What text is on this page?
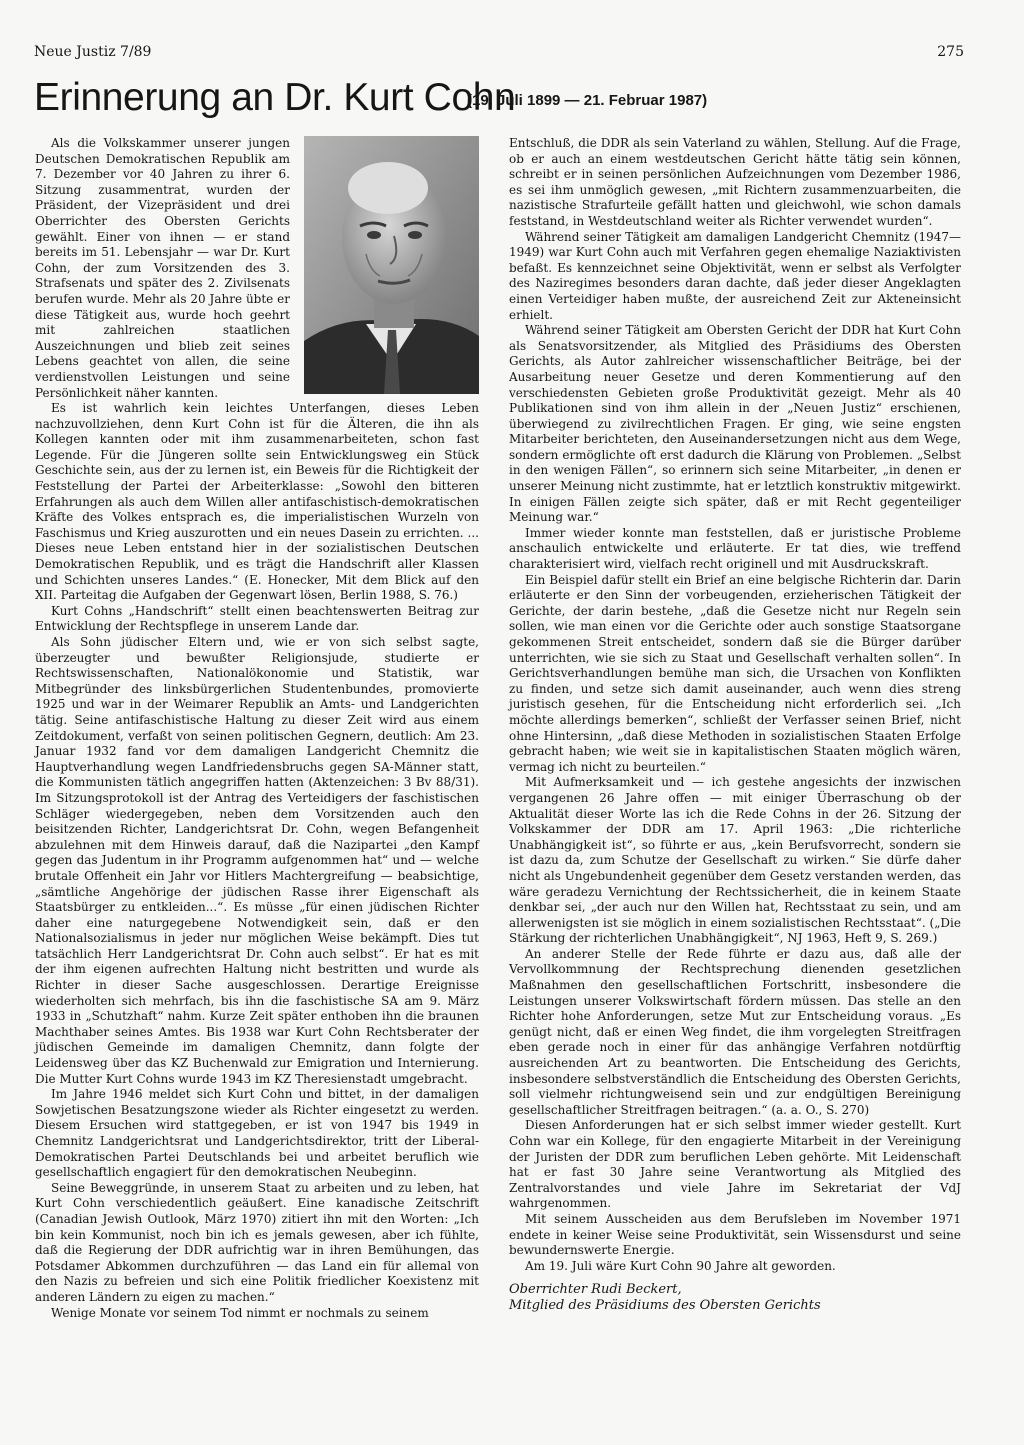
Neue Justiz 7/89	275
Erinnerung an Dr. Kurt Cohn
(19. Juli 1899 — 21. Februar 1987)

Als die Volkskammer unserer jungen Deutschen Demokratischen Republik am 7. Dezember vor 40 Jahren zu ihrer 6. Sitzung zusammentrat, wurden der Präsident, der Vizepräsident und drei Oberrichter des Obersten Gerichts gewählt. Einer von ihnen — er stand bereits im 51. Lebensjahr — war Dr. Kurt Cohn, der zum Vorsitzenden des 3. Strafsenats und später des 2. Zivilsenats berufen wurde. Mehr als 20 Jahre übte er diese Tätigkeit aus, wurde hoch geehrt mit zahlreichen staatlichen Auszeichnungen und blieb zeit seines Lebens geachtet von allen, die seine verdienstvollen Leistungen und seine Persönlichkeit näher kannten.

Es ist wahrlich kein leichtes Unterfangen, dieses Leben nachzuvollziehen, denn Kurt Cohn ist für die Älteren, die ihn als Kollegen kannten oder mit ihm zusammenarbeiteten, schon fast Legende. Für die Jüngeren sollte sein Entwicklungsweg ein Stück Geschichte sein, aus der zu lernen ist, ein Beweis für die Richtigkeit der Feststellung der Partei der Arbeiterklasse: „Sowohl den bitteren Erfahrungen als auch dem Willen aller antifaschistisch-demokratischen Kräfte des Volkes entsprach es, die imperialistischen Wurzeln von Faschismus und Krieg auszurotten und ein neues Dasein zu errichten. ... Dieses neue Leben entstand hier in der sozialistischen Deutschen Demokratischen Republik, und es trägt die Handschrift aller Klassen und Schichten unseres Landes.“ (E. Honecker, Mit dem Blick auf den XII. Parteitag die Aufgaben der Gegenwart lösen, Berlin 1988, S. 76.)

Kurt Cohns „Handschrift“ stellt einen beachtenswerten Beitrag zur Entwicklung der Rechtspflege in unserem Lande dar.

Als Sohn jüdischer Eltern und, wie er von sich selbst sagte, überzeugter und bewußter Religionsjude, studierte er Rechtswissenschaften, Nationalökonomie und Statistik, war Mitbegründer des linksbürgerlichen Studentenbundes, promovierte 1925 und war in der Weimarer Republik an Amts- und Landgerichten tätig. Seine antifaschistische Haltung zu dieser Zeit wird aus einem Zeitdokument, verfaßt von seinen politischen Gegnern, deutlich: Am 23. Januar 1932 fand vor dem damaligen Landgericht Chemnitz die Hauptverhandlung wegen Landfriedensbruchs gegen SA-Männer statt, die Kommunisten tätlich angegriffen hatten (Aktenzeichen: 3 Bv 88/31). Im Sitzungsprotokoll ist der Antrag des Verteidigers der faschistischen Schläger wiedergegeben, neben dem Vorsitzenden auch den beisitzenden Richter, Landgerichtsrat Dr. Cohn, wegen Befangenheit abzulehnen mit dem Hinweis darauf, daß die Nazipartei „den Kampf gegen das Judentum in ihr Programm aufgenommen hat“ und — welche brutale Offenheit ein Jahr vor Hitlers Machtergreifung — beabsichtige, „sämtliche Angehörige der jüdischen Rasse ihrer Eigenschaft als Staatsbürger zu entkleiden...“. Es müsse „für einen jüdischen Richter daher eine naturgegebene Notwendigkeit sein, daß er den Nationalsozialismus in jeder nur möglichen Weise bekämpft. Dies tut tatsächlich Herr Landgerichtsrat Dr. Cohn auch selbst“. Er hat es mit der ihm eigenen aufrechten Haltung nicht bestritten und wurde als Richter in dieser Sache ausgeschlossen. Derartige Ereignisse wiederholten sich mehrfach, bis ihn die faschistische SA am 9. März 1933 in „Schutzhaft“ nahm. Kurze Zeit später enthoben ihn die braunen Machthaber seines Amtes. Bis 1938 war Kurt Cohn Rechtsberater der jüdischen Gemeinde im damaligen Chemnitz, dann folgte der Leidensweg über das KZ Buchenwald zur Emigration und Internierung. Die Mutter Kurt Cohns wurde 1943 im KZ Theresienstadt umgebracht.

Im Jahre 1946 meldet sich Kurt Cohn und bittet, in der damaligen Sowjetischen Besatzungszone wieder als Richter eingesetzt zu werden. Diesem Ersuchen wird stattgegeben, er ist von 1947 bis 1949 in Chemnitz Landgerichtsrat und Landgerichtsdirektor, tritt der Liberal-Demokratischen Partei Deutschlands bei und arbeitet beruflich wie gesellschaftlich engagiert für den demokratischen Neubeginn.

Seine Beweggründe, in unserem Staat zu arbeiten und zu leben, hat Kurt Cohn verschiedentlich geäußert. Eine kanadische Zeitschrift (Canadian Jewish Outlook, März 1970) zitiert ihn mit den Worten: „Ich bin kein Kommunist, noch bin ich es jemals gewesen, aber ich fühlte, daß die Regierung der DDR aufrichtig war in ihren Bemühungen, das Potsdamer Abkommen durchzuführen — das Land ein für allemal von den Nazis zu befreien und sich eine Politik friedlicher Koexistenz mit anderen Ländern zu eigen zu machen.“

Wenige Monate vor seinem Tod nimmt er nochmals zu seinem

Entschluß, die DDR als sein Vaterland zu wählen, Stellung. Auf die Frage, ob er auch an einem westdeutschen Gericht hätte tätig sein können, schreibt er in seinen persönlichen Aufzeichnungen vom Dezember 1986, es sei ihm unmöglich gewesen, „mit Richtern zusammenzuarbeiten, die nazistische Strafurteile gefällt hatten und gleichwohl, wie schon damals feststand, in Westdeutschland weiter als Richter verwendet wurden“.

Während seiner Tätigkeit am damaligen Landgericht Chemnitz (1947—1949) war Kurt Cohn auch mit Verfahren gegen ehemalige Naziaktivisten befaßt. Es kennzeichnet seine Objektivität, wenn er selbst als Verfolgter des Naziregimes besonders daran dachte, daß jeder dieser Angeklagten einen Verteidiger haben mußte, der ausreichend Zeit zur Akteneinsicht erhielt.

Während seiner Tätigkeit am Obersten Gericht der DDR hat Kurt Cohn als Senatsvorsitzender, als Mitglied des Präsidiums des Obersten Gerichts, als Autor zahlreicher wissenschaftlicher Beiträge, bei der Ausarbeitung neuer Gesetze und deren Kommentierung auf den verschiedensten Gebieten große Produktivität gezeigt. Mehr als 40 Publikationen sind von ihm allein in der „Neuen Justiz“ erschienen, überwiegend zu zivilrechtlichen Fragen. Er ging, wie seine engsten Mitarbeiter berichteten, den Auseinandersetzungen nicht aus dem Wege, sondern ermöglichte oft erst dadurch die Klärung von Problemen. „Selbst in den wenigen Fällen“, so erinnern sich seine Mitarbeiter, „in denen er unserer Meinung nicht zustimmte, hat er letztlich konstruktiv mitgewirkt. In einigen Fällen zeigte sich später, daß er mit Recht gegenteiliger Meinung war.“

Immer wieder konnte man feststellen, daß er juristische Probleme anschaulich entwickelte und erläuterte. Er tat dies, wie treffend charakterisiert wird, vielfach recht originell und mit Ausdruckskraft.

Ein Beispiel dafür stellt ein Brief an eine belgische Richterin dar. Darin erläuterte er den Sinn der vorbeugenden, erzieherischen Tätigkeit der Gerichte, der darin bestehe, „daß die Gesetze nicht nur Regeln sein sollen, wie man einen vor die Gerichte oder auch sonstige Staatsorgane gekommenen Streit entscheidet, sondern daß sie die Bürger darüber unterrichten, wie sie sich zu Staat und Gesellschaft verhalten sollen“. In Gerichtsverhandlungen bemühe man sich, die Ursachen von Konflikten zu finden, und setze sich damit auseinander, auch wenn dies streng juristisch gesehen, für die Entscheidung nicht erforderlich sei. „Ich möchte allerdings bemerken“, schließt der Verfasser seinen Brief, nicht ohne Hintersinn, „daß diese Methoden in sozialistischen Staaten Erfolge gebracht haben; wie weit sie in kapitalistischen Staaten möglich wären, vermag ich nicht zu beurteilen.“

Mit Aufmerksamkeit und — ich gestehe angesichts der inzwischen vergangenen 26 Jahre offen — mit einiger Überraschung ob der Aktualität dieser Worte las ich die Rede Cohns in der 26. Sitzung der Volkskammer der DDR am 17. April 1963: „Die richterliche Unabhängigkeit ist“, so führte er aus, „kein Berufsvorrecht, sondern sie ist dazu da, zum Schutze der Gesellschaft zu wirken.“ Sie dürfe daher nicht als Ungebundenheit gegenüber dem Gesetz verstanden werden, das wäre geradezu Vernichtung der Rechtssicherheit, die in keinem Staate denkbar sei, „der auch nur den Willen hat, Rechtsstaat zu sein, und am allerwenigsten ist sie möglich in einem sozialistischen Rechtsstaat“. („Die Stärkung der richterlichen Unabhängigkeit“, NJ 1963, Heft 9, S. 269.)

An anderer Stelle der Rede führte er dazu aus, daß alle der Vervollkommnung der Rechtsprechung dienenden gesetzlichen Maßnahmen den gesellschaftlichen Fortschritt, insbesondere die Leistungen unserer Volkswirtschaft fördern müssen. Das stelle an den Richter hohe Anforderungen, setze Mut zur Entscheidung voraus. „Es genügt nicht, daß er einen Weg findet, die ihm vorgelegten Streitfragen eben gerade noch in einer für das anhängige Verfahren notdürftig ausreichenden Art zu beantworten. Die Entscheidung des Gerichts, insbesondere selbstverständlich die Entscheidung des Obersten Gerichts, soll vielmehr richtungweisend sein und zur endgültigen Bereinigung gesellschaftlicher Streitfragen beitragen.“ (a. a. O., S. 270)

Diesen Anforderungen hat er sich selbst immer wieder gestellt. Kurt Cohn war ein Kollege, für den engagierte Mitarbeit in der Vereinigung der Juristen der DDR zum beruflichen Leben gehörte. Mit Leidenschaft hat er fast 30 Jahre seine Verantwortung als Mitglied des Zentralvorstandes und viele Jahre im Sekretariat der VdJ wahrgenommen.

Mit seinem Ausscheiden aus dem Berufsleben im November 1971 endete in keiner Weise seine Produktivität, sein Wissensdurst und seine bewundernswerte Energie.

Am 19. Juli wäre Kurt Cohn 90 Jahre alt geworden.

Oberrichter Rudi Beckert,
Mitglied des Präsidiums des Obersten Gerichts
